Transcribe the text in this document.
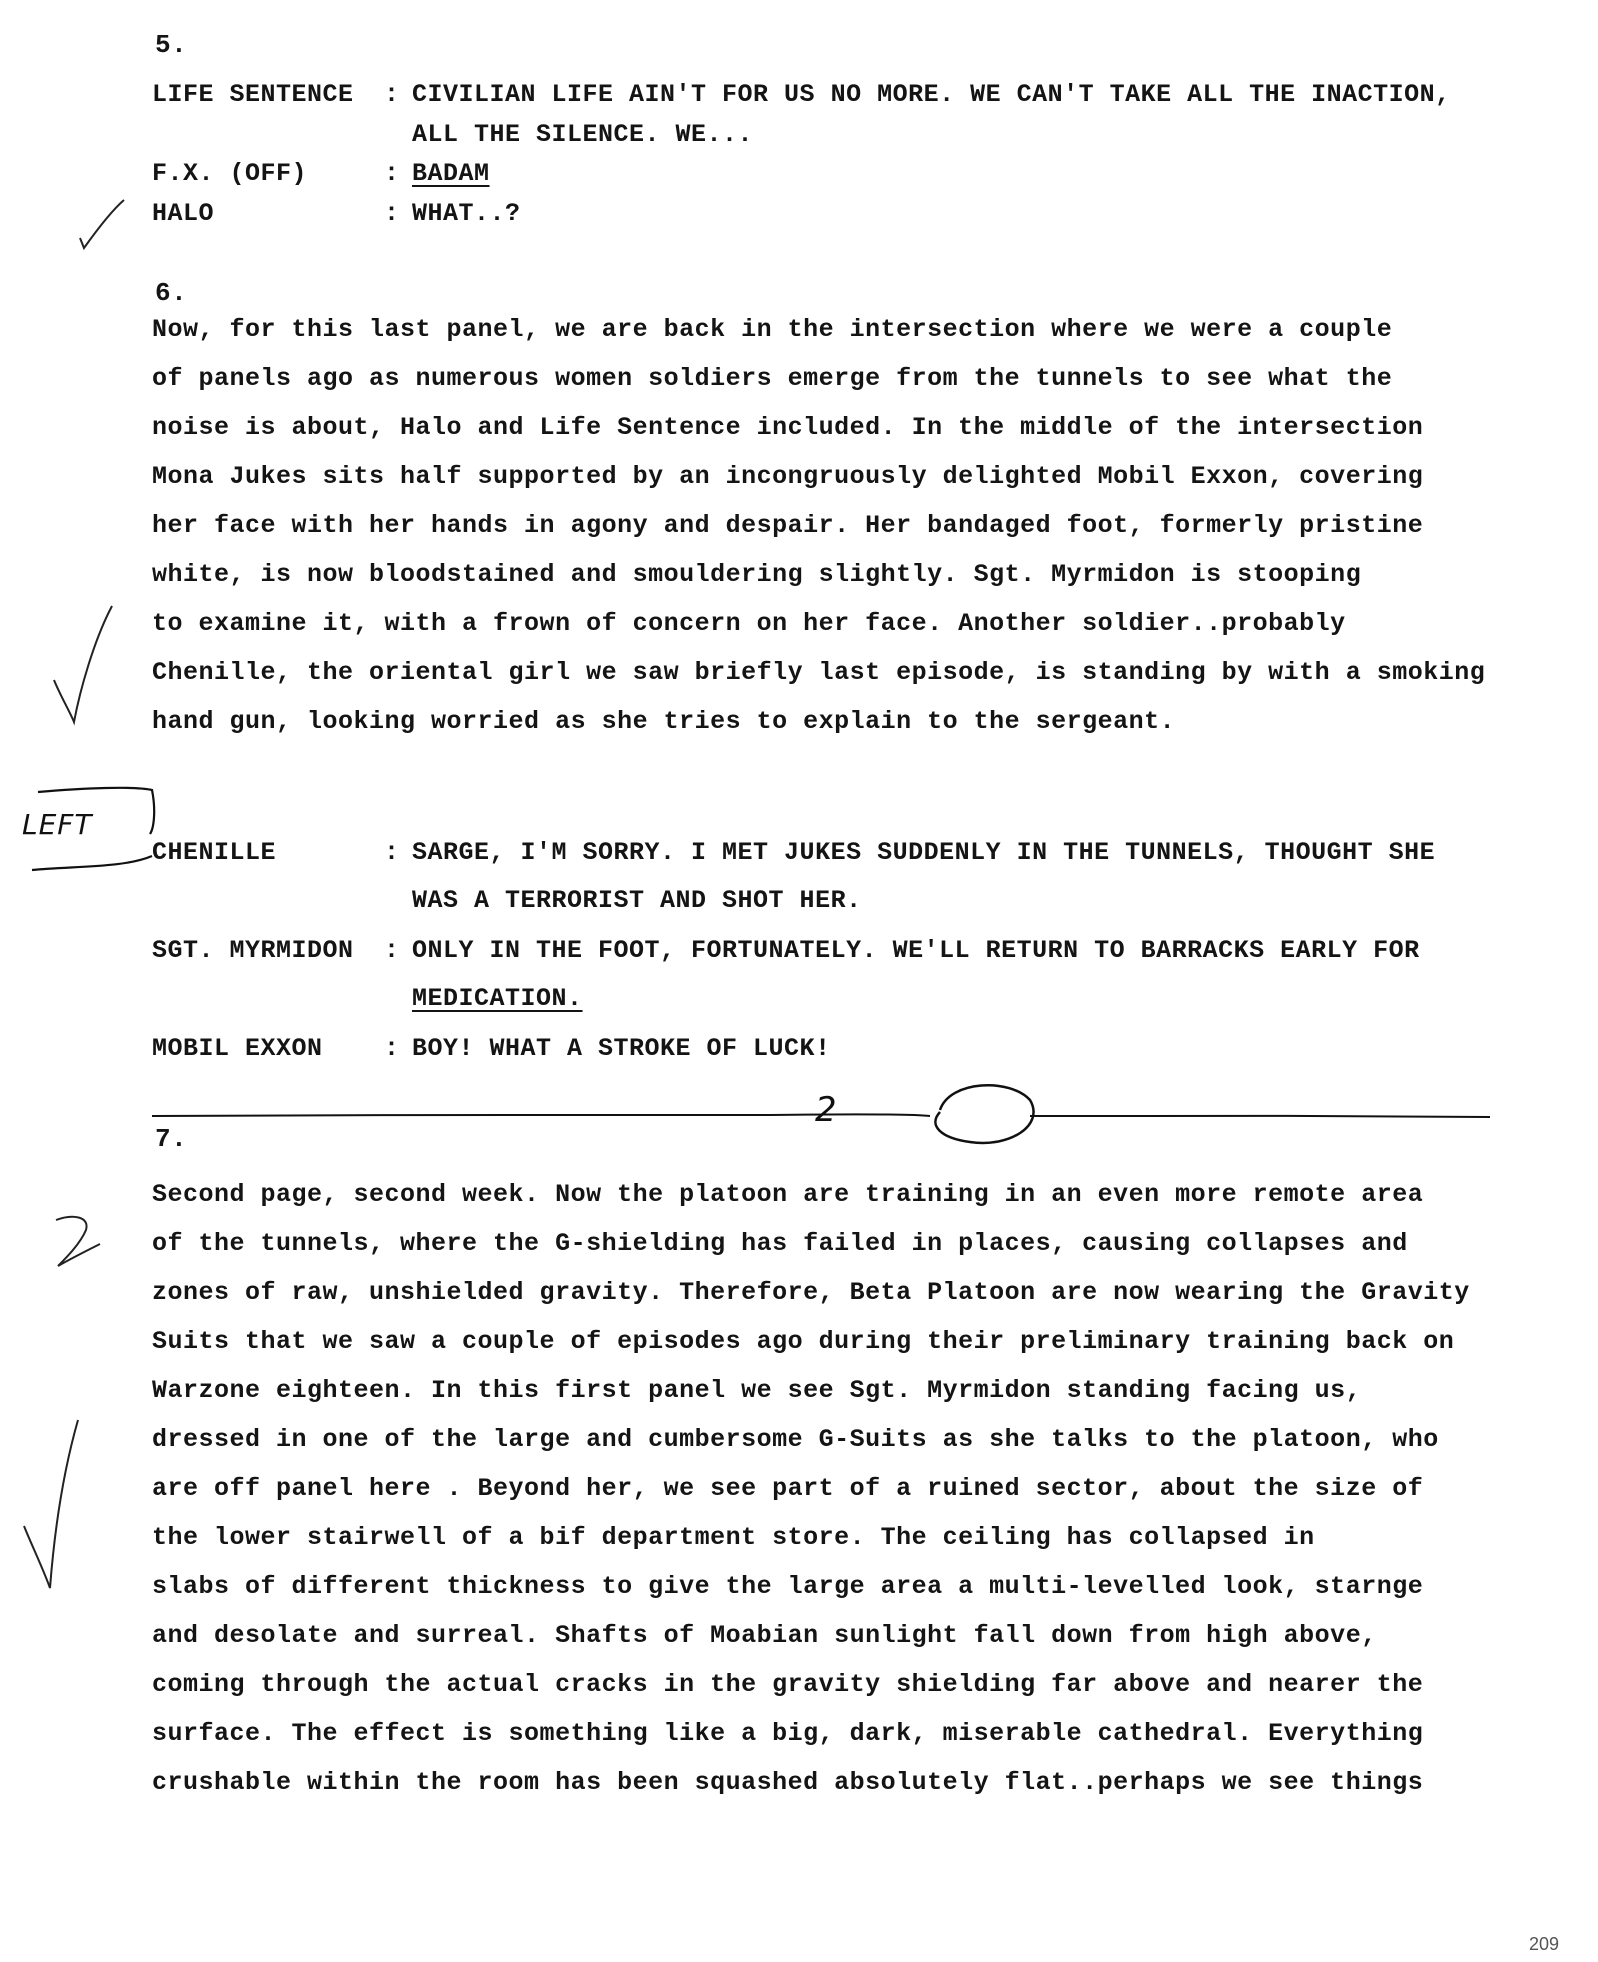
5.
LIFE SENTENCE : CIVILIAN LIFE AIN'T FOR US NO MORE. WE CAN'T TAKE ALL THE INACTION,
ALL THE SILENCE. WE...
F.X. (OFF)	: BADAM
HALO	: WHAT..?
6.
Now, for this last panel, we are back in the intersection where we were a couple
of panels ago as numerous women soldiers emerge from the tunnels to see what the
noise is about, Halo and Life Sentence included. In the middle of the intersection
Mona Jukes sits half supported by an incongruously delighted Mobil Exxon, covering
her face with her hands in agony and despair. Her bandaged foot, formerly pristine
white, is now bloodstained and smouldering slightly. Sgt. Myrmidon is stooping
to examine it, with a frown of concern on her face. Another soldier..probably
Chenille, the oriental girl we saw briefly last episode, is standing by with a smoking
hand gun, looking worried as she tries to explain to the sergeant.
CHENILLE	: SARGE, I'M SORRY. I MET JUKES SUDDENLY IN THE TUNNELS, THOUGHT SHE
WAS A TERRORIST AND SHOT HER.
SGT. MYRMIDON : ONLY IN THE FOOT, FORTUNATELY. WE'LL RETURN TO BARRACKS EARLY FOR
MEDICATION.
MOBIL EXXON : BOY! WHAT A STROKE OF LUCK!
2
7.
Second page, second week. Now the platoon are training in an even more remote area
of the tunnels, where the G-shielding has failed in places, causing collapses and
zones of raw, unshielded gravity. Therefore, Beta Platoon are now wearing the Gravity
Suits that we saw a couple of episodes ago during their preliminary training back on
Warzone eighteen. In this first panel we see Sgt. Myrmidon standing facing us,
dressed in one of the large and cumbersome G-Suits as she talks to the platoon, who
are off panel here . Beyond her, we see part of a ruined sector, about the size of
the lower stairwell of a bif department store. The ceiling has collapsed in
slabs of different thickness to give the large area a multi-levelled look, starnge
and desolate and surreal. Shafts of Moabian sunlight fall down from high above,
coming through the actual cracks in the gravity shielding far above and nearer the
surface. The effect is something like a big, dark, miserable cathedral. Everything
crushable within the room has been squashed absolutely flat..perhaps we see things
LEFT
209
